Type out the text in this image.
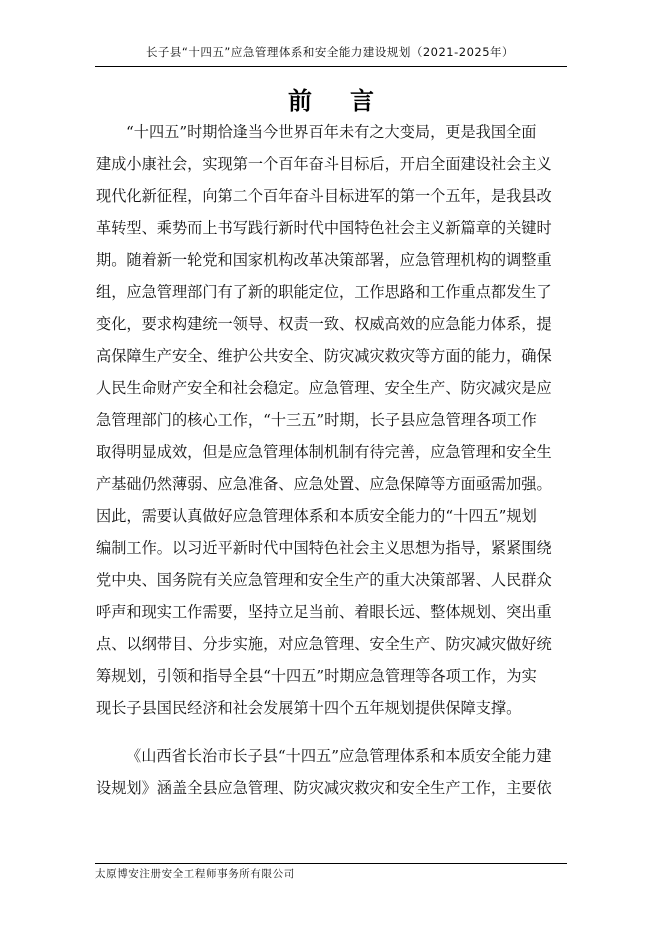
长子县“十四五”应急管理体系和安全能力建设规划（2021-2025年）
前 言
“十四五”时期恰逢当今世界百年未有之大变局，更是我国全面
建成小康社会，实现第一个百年奋斗目标后，开启全面建设社会主义
现代化新征程，向第二个百年奋斗目标进军的第一个五年，是我县改
革转型、乘势而上书写践行新时代中国特色社会主义新篇章的关键时
期。随着新一轮党和国家机构改革决策部署，应急管理机构的调整重
组，应急管理部门有了新的职能定位，工作思路和工作重点都发生了
变化，要求构建统一领导、权责一致、权威高效的应急能力体系，提
高保障生产安全、维护公共安全、防灾减灾救灾等方面的能力，确保
人民生命财产安全和社会稳定。应急管理、安全生产、防灾减灾是应
急管理部门的核心工作，“十三五”时期，长子县应急管理各项工作
取得明显成效，但是应急管理体制机制有待完善，应急管理和安全生
产基础仍然薄弱、应急准备、应急处置、应急保障等方面亟需加强。
因此，需要认真做好应急管理体系和本质安全能力的“十四五”规划
编制工作。以习近平新时代中国特色社会主义思想为指导，紧紧围绕
党中央、国务院有关应急管理和安全生产的重大决策部署、人民群众
呼声和现实工作需要，坚持立足当前、着眼长远、整体规划、突出重
点、以纲带目、分步实施，对应急管理、安全生产、防灾减灾做好统
筹规划，引领和指导全县“十四五”时期应急管理等各项工作，为实
现长子县国民经济和社会发展第十四个五年规划提供保障支撑。
《山西省长治市长子县“十四五”应急管理体系和本质安全能力建
设规划》涵盖全县应急管理、防灾减灾救灾和安全生产工作，主要依
太原博安注册安全工程师事务所有限公司
